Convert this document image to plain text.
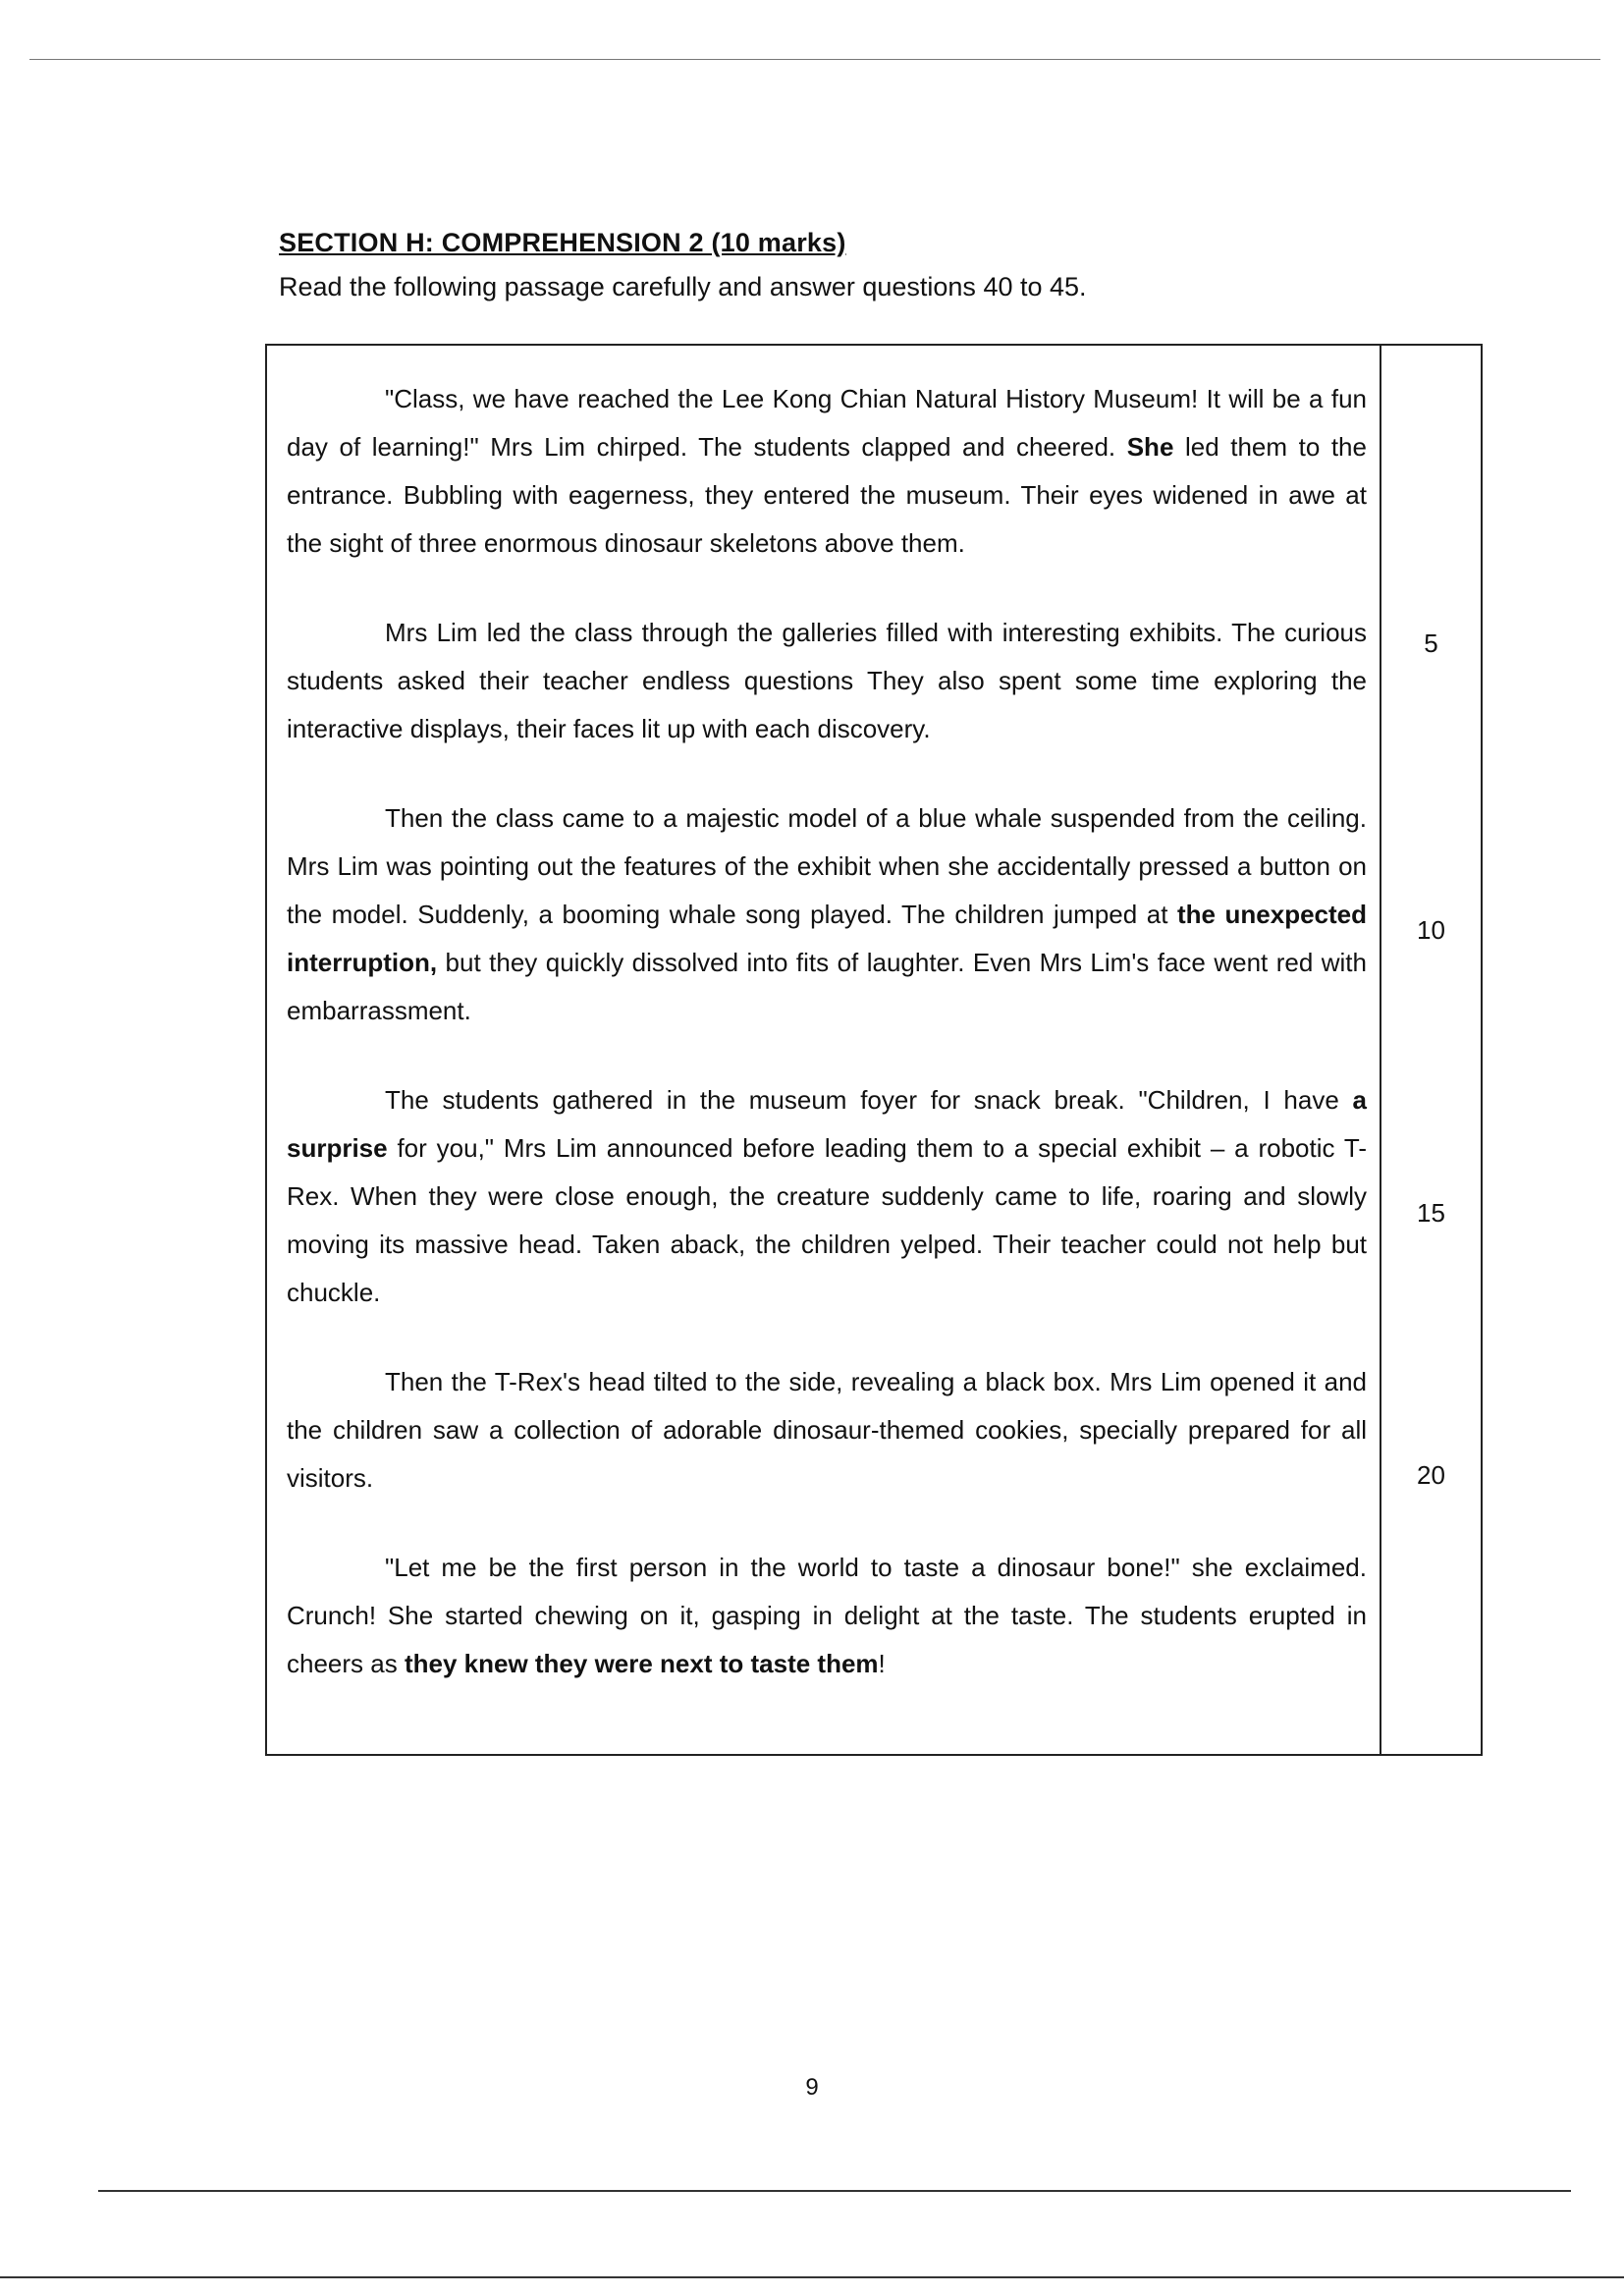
SECTION H: COMPREHENSION 2 (10 marks)
Read the following passage carefully and answer questions 40 to 45.

"Class, we have reached the Lee Kong Chian Natural History Museum! It will be a fun day of learning!" Mrs Lim chirped. The students clapped and cheered. She led them to the entrance. Bubbling with eagerness, they entered the museum. Their eyes widened in awe at the sight of three enormous dinosaur skeletons above them.

Mrs Lim led the class through the galleries filled with interesting exhibits. The curious students asked their teacher endless questions They also spent some time exploring the interactive displays, their faces lit up with each discovery.

Then the class came to a majestic model of a blue whale suspended from the ceiling. Mrs Lim was pointing out the features of the exhibit when she accidentally pressed a button on the model. Suddenly, a booming whale song played. The children jumped at the unexpected interruption, but they quickly dissolved into fits of laughter. Even Mrs Lim's face went red with embarrassment.

The students gathered in the museum foyer for snack break. "Children, I have a surprise for you," Mrs Lim announced before leading them to a special exhibit – a robotic T-Rex. When they were close enough, the creature suddenly came to life, roaring and slowly moving its massive head. Taken aback, the children yelped. Their teacher could not help but chuckle.

Then the T-Rex's head tilted to the side, revealing a black box. Mrs Lim opened it and the children saw a collection of adorable dinosaur-themed cookies, specially prepared for all visitors.

"Let me be the first person in the world to taste a dinosaur bone!" she exclaimed. Crunch! She started chewing on it, gasping in delight at the taste. The students erupted in cheers as they knew they were next to taste them!

5
10
15
20
9
